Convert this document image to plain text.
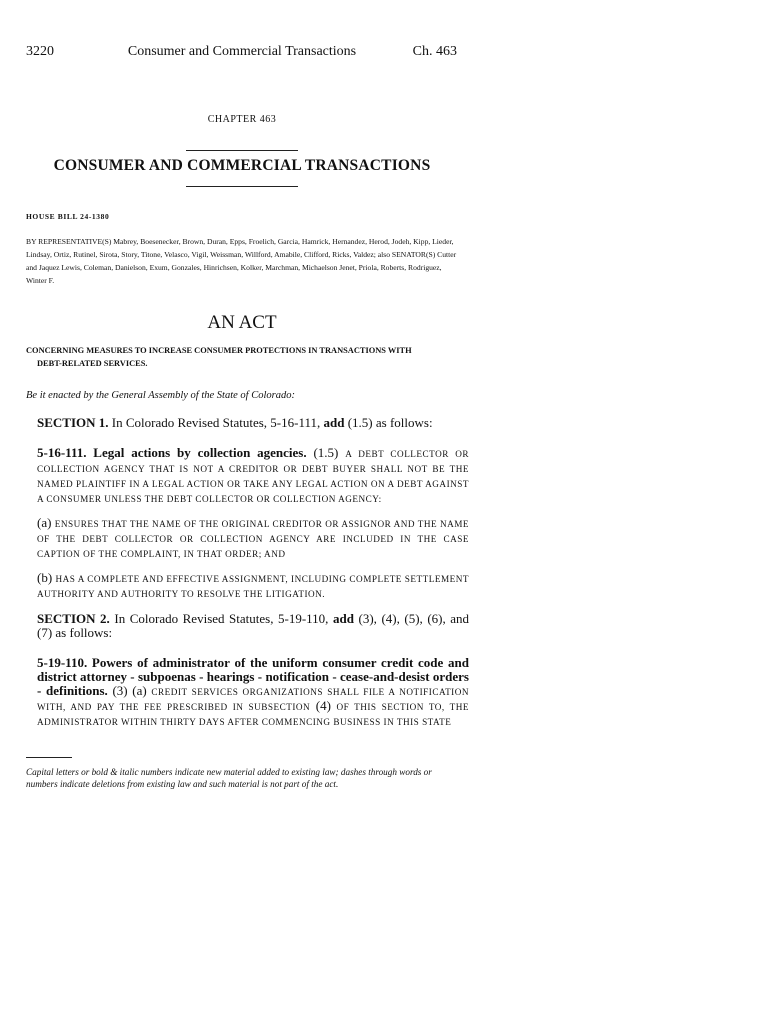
3220	Consumer and Commercial Transactions	Ch. 463
CHAPTER 463
CONSUMER AND COMMERCIAL TRANSACTIONS
HOUSE BILL 24-1380
BY REPRESENTATIVE(S) Mabrey, Boesenecker, Brown, Duran, Epps, Froelich, Garcia, Hamrick, Hernandez, Herod, Jodeh, Kipp, Lieder, Lindsay, Ortiz, Rutinel, Sirota, Story, Titone, Velasco, Vigil, Weissman, Willford, Amabile, Clifford, Ricks, Valdez; also SENATOR(S) Cutter and Jaquez Lewis, Coleman, Danielson, Exum, Gonzales, Hinrichsen, Kolker, Marchman, Michaelson Jenet, Priola, Roberts, Rodriguez, Winter F.
AN ACT
CONCERNING MEASURES TO INCREASE CONSUMER PROTECTIONS IN TRANSACTIONS WITH
DEBT-RELATED SERVICES.
Be it enacted by the General Assembly of the State of Colorado:
SECTION 1. In Colorado Revised Statutes, 5-16-111, add (1.5) as follows:
5-16-111. Legal actions by collection agencies. (1.5) A DEBT COLLECTOR OR COLLECTION AGENCY THAT IS NOT A CREDITOR OR DEBT BUYER SHALL NOT BE THE NAMED PLAINTIFF IN A LEGAL ACTION OR TAKE ANY LEGAL ACTION ON A DEBT AGAINST A CONSUMER UNLESS THE DEBT COLLECTOR OR COLLECTION AGENCY:
(a) ENSURES THAT THE NAME OF THE ORIGINAL CREDITOR OR ASSIGNOR AND THE NAME OF THE DEBT COLLECTOR OR COLLECTION AGENCY ARE INCLUDED IN THE CASE CAPTION OF THE COMPLAINT, IN THAT ORDER; AND
(b) HAS A COMPLETE AND EFFECTIVE ASSIGNMENT, INCLUDING COMPLETE SETTLEMENT AUTHORITY AND AUTHORITY TO RESOLVE THE LITIGATION.
SECTION 2. In Colorado Revised Statutes, 5-19-110, add (3), (4), (5), (6), and (7) as follows:
5-19-110. Powers of administrator of the uniform consumer credit code and district attorney - subpoenas - hearings - notification - cease-and-desist orders - definitions. (3) (a) CREDIT SERVICES ORGANIZATIONS SHALL FILE A NOTIFICATION WITH, AND PAY THE FEE PRESCRIBED IN SUBSECTION (4) OF THIS SECTION TO, THE ADMINISTRATOR WITHIN THIRTY DAYS AFTER COMMENCING BUSINESS IN THIS STATE
Capital letters or bold & italic numbers indicate new material added to existing law; dashes through words or numbers indicate deletions from existing law and such material is not part of the act.
